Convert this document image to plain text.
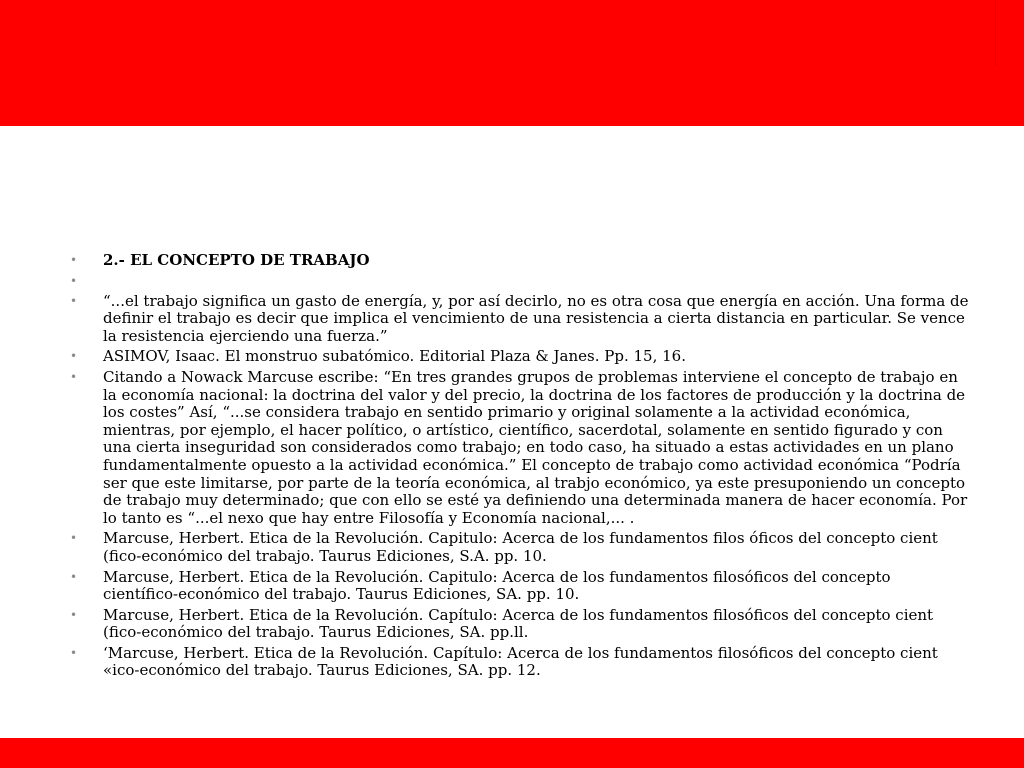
• 2.- EL CONCEPTO DE TRABAJO
•
• “...el trabajo significa un gasto de energía, y, por así decirlo, no es otra cosa que energía en acción. Una forma de definir el trabajo es decir que implica el vencimiento de una resistencia a cierta distancia en particular. Se vence la resistencia ejerciendo una fuerza.”
• ASIMOV, Isaac. El monstruo subatómico. Editorial Plaza & Janes. Pp. 15, 16.
• Citando a Nowack Marcuse escribe: “En tres grandes grupos de problemas interviene el concepto de trabajo en la economía nacional: la doctrina del valor y del precio, la doctrina de los factores de producción y la doctrina de los costes” Así, “...se considera trabajo en sentido primario y original solamente a la actividad económica, mientras, por ejemplo, el hacer político, o artístico, científico, sacerdotal, solamente en sentido figurado y con una cierta inseguridad son considerados como trabajo; en todo caso, ha situado a estas actividades en un plano fundamentalmente opuesto a la actividad económica.” El concepto de trabajo como actividad económica “Podría ser que este limitarse, por parte de la teoría económica, al trabjo económico, ya este presuponiendo un concepto de trabajo muy determinado; que con ello se esté ya definiendo una determinada manera de hacer economía. Por lo tanto es “...el nexo que hay entre Filosofía y Economía nacional,... .
• Marcuse, Herbert. Etica de la Revolución. Capitulo: Acerca de los fundamentos filos óficos del concepto cient (fico-económico del trabajo. Taurus Ediciones, S.A. pp. 10.
• Marcuse, Herbert. Etica de la Revolución. Capitulo: Acerca de los fundamentos filosóficos del concepto científico-económico del trabajo. Taurus Ediciones, SA. pp. 10.
• Marcuse, Herbert. Etica de la Revolución. Capítulo: Acerca de los fundamentos filosóficos del concepto cient (fico-económico del trabajo. Taurus Ediciones, SA. pp.ll.
• ‘Marcuse, Herbert. Etica de la Revolución. Capítulo: Acerca de los fundamentos filosóficos del concepto cient «ico-económico del trabajo. Taurus Ediciones, SA. pp. 12.
